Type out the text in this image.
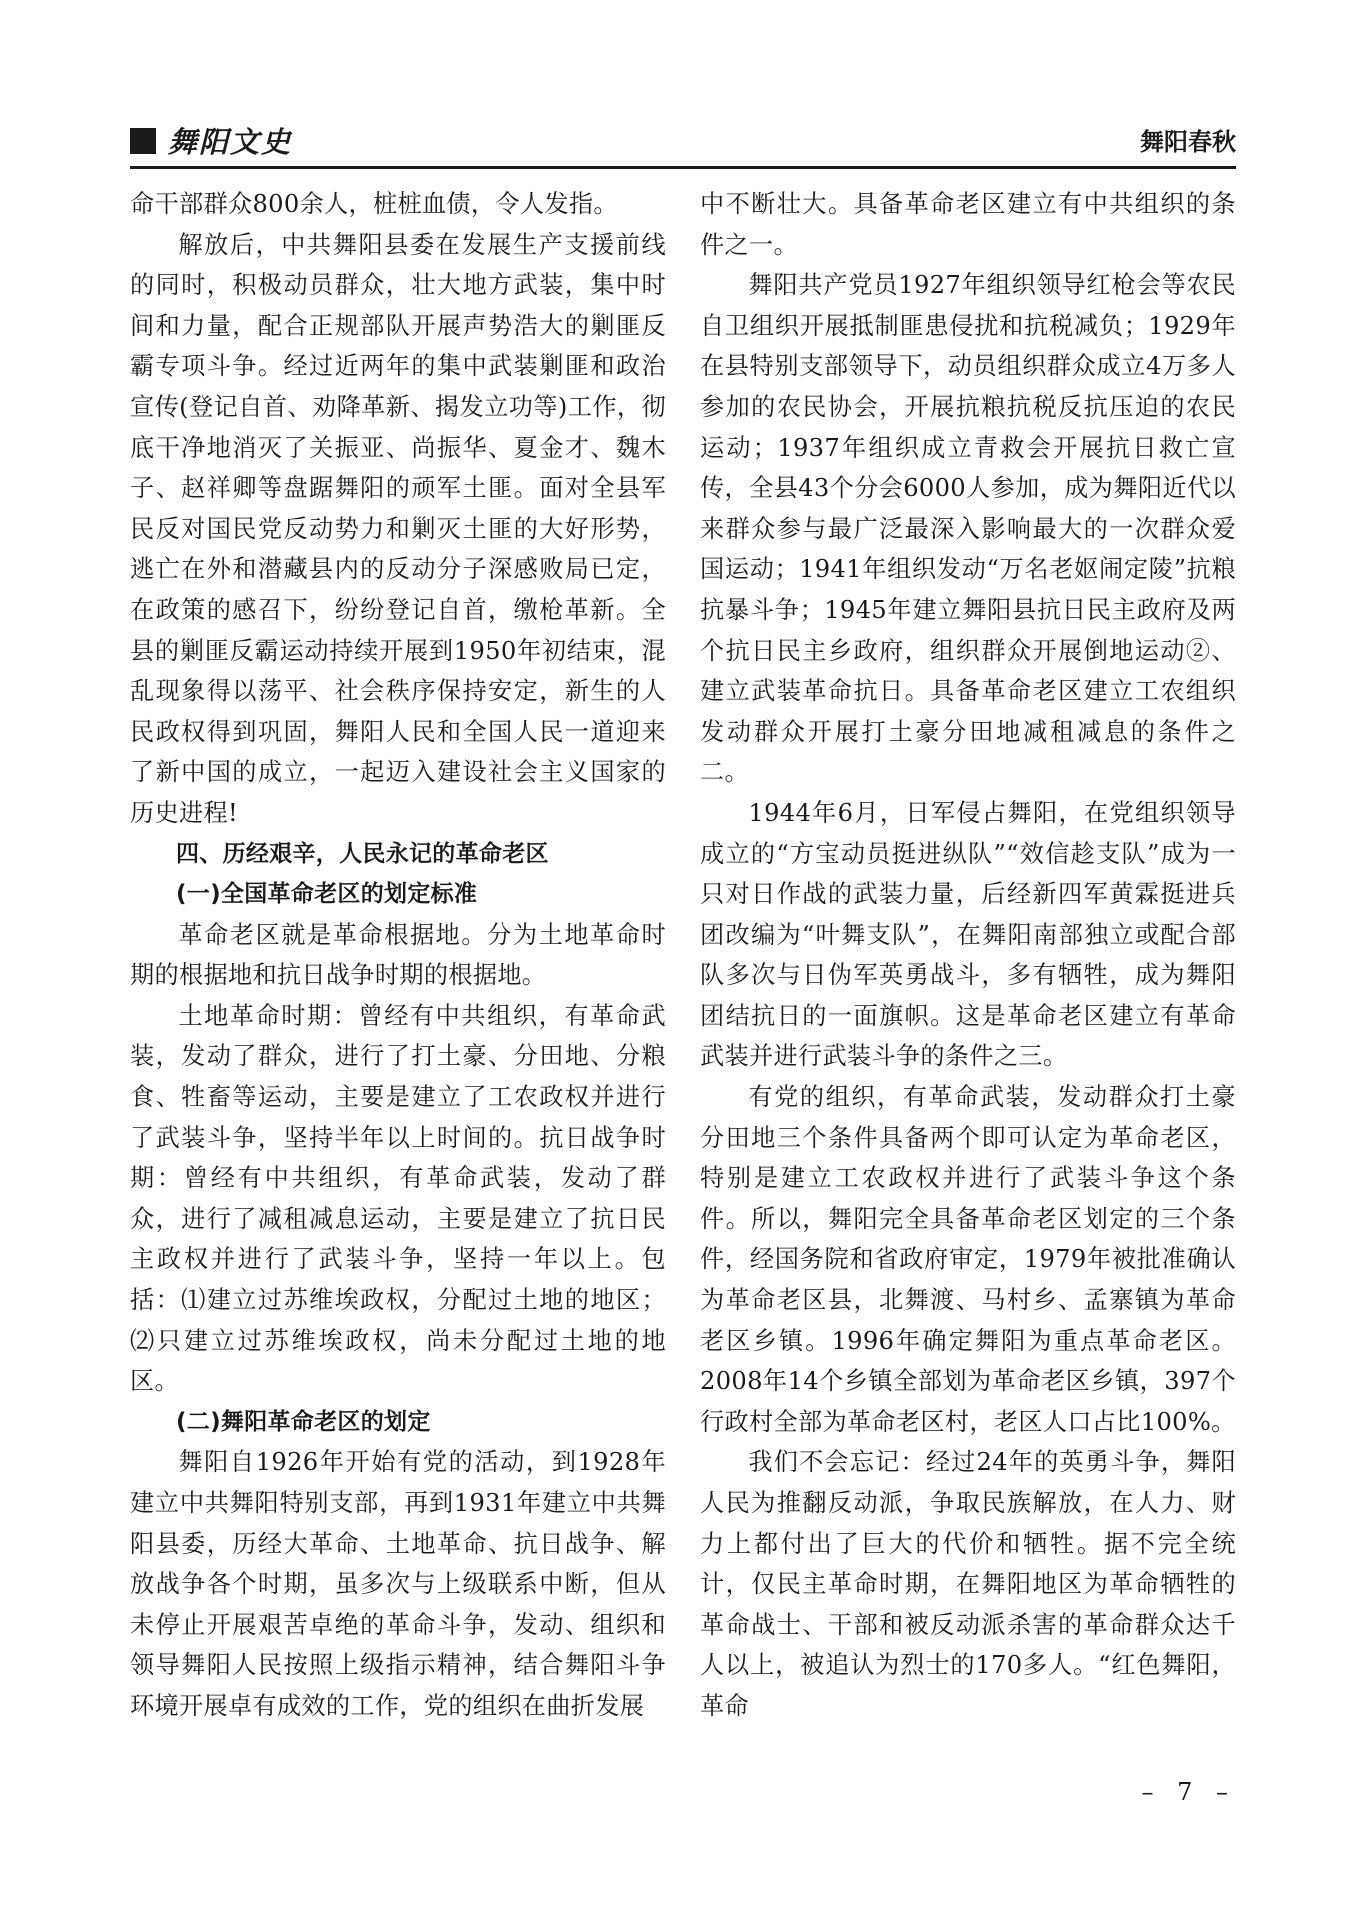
舞阳文史	舞阳春秋

命干部群众800余人，桩桩血债，令人发指。

解放后，中共舞阳县委在发展生产支援前线的同时，积极动员群众，壮大地方武装，集中时间和力量，配合正规部队开展声势浩大的剿匪反霸专项斗争。经过近两年的集中武装剿匪和政治宣传(登记自首、劝降革新、揭发立功等)工作，彻底干净地消灭了关振亚、尚振华、夏金才、魏木子、赵祥卿等盘踞舞阳的顽军土匪。面对全县军民反对国民党反动势力和剿灭土匪的大好形势，逃亡在外和潜藏县内的反动分子深感败局已定，在政策的感召下，纷纷登记自首，缴枪革新。全县的剿匪反霸运动持续开展到1950年初结束，混乱现象得以荡平、社会秩序保持安定，新生的人民政权得到巩固，舞阳人民和全国人民一道迎来了新中国的成立，一起迈入建设社会主义国家的历史进程!

四、历经艰辛，人民永记的革命老区

(一)全国革命老区的划定标准

革命老区就是革命根据地。分为土地革命时期的根据地和抗日战争时期的根据地。

土地革命时期：曾经有中共组织，有革命武装，发动了群众，进行了打土豪、分田地、分粮食、牲畜等运动，主要是建立了工农政权并进行了武装斗争，坚持半年以上时间的。抗日战争时期：曾经有中共组织，有革命武装，发动了群众，进行了减租减息运动，主要是建立了抗日民主政权并进行了武装斗争，坚持一年以上。包括：⑴建立过苏维埃政权，分配过土地的地区；⑵只建立过苏维埃政权，尚未分配过土地的地区。

(二)舞阳革命老区的划定

舞阳自1926年开始有党的活动，到1928年建立中共舞阳特别支部，再到1931年建立中共舞阳县委，历经大革命、土地革命、抗日战争、解放战争各个时期，虽多次与上级联系中断，但从未停止开展艰苦卓绝的革命斗争，发动、组织和领导舞阳人民按照上级指示精神，结合舞阳斗争环境开展卓有成效的工作，党的组织在曲折发展

中不断壮大。具备革命老区建立有中共组织的条件之一。

舞阳共产党员1927年组织领导红枪会等农民自卫组织开展抵制匪患侵扰和抗税减负；1929年在县特别支部领导下，动员组织群众成立4万多人参加的农民协会，开展抗粮抗税反抗压迫的农民运动；1937年组织成立青救会开展抗日救亡宣传，全县43个分会6000人参加，成为舞阳近代以来群众参与最广泛最深入影响最大的一次群众爱国运动；1941年组织发动“万名老妪闹定陵”抗粮抗暴斗争；1945年建立舞阳县抗日民主政府及两个抗日民主乡政府，组织群众开展倒地运动②、建立武装革命抗日。具备革命老区建立工农组织发动群众开展打土豪分田地减租减息的条件之二。

1944年6月，日军侵占舞阳，在党组织领导成立的“方宝动员挺进纵队”“效信趁支队”成为一只对日作战的武装力量，后经新四军黄霖挺进兵团改编为“叶舞支队”，在舞阳南部独立或配合部队多次与日伪军英勇战斗，多有牺牲，成为舞阳团结抗日的一面旗帜。这是革命老区建立有革命武装并进行武装斗争的条件之三。

有党的组织，有革命武装，发动群众打土豪分田地三个条件具备两个即可认定为革命老区，特别是建立工农政权并进行了武装斗争这个条件。所以，舞阳完全具备革命老区划定的三个条件，经国务院和省政府审定，1979年被批准确认为革命老区县，北舞渡、马村乡、孟寨镇为革命老区乡镇。1996年确定舞阳为重点革命老区。2008年14个乡镇全部划为革命老区乡镇，397个行政村全部为革命老区村，老区人口占比100%。

我们不会忘记：经过24年的英勇斗争，舞阳人民为推翻反动派，争取民族解放，在人力、财力上都付出了巨大的代价和牺牲。据不完全统计，仅民主革命时期，在舞阳地区为革命牺牲的革命战士、干部和被反动派杀害的革命群众达千人以上，被追认为烈士的170多人。“红色舞阳，革命

– 7 –
